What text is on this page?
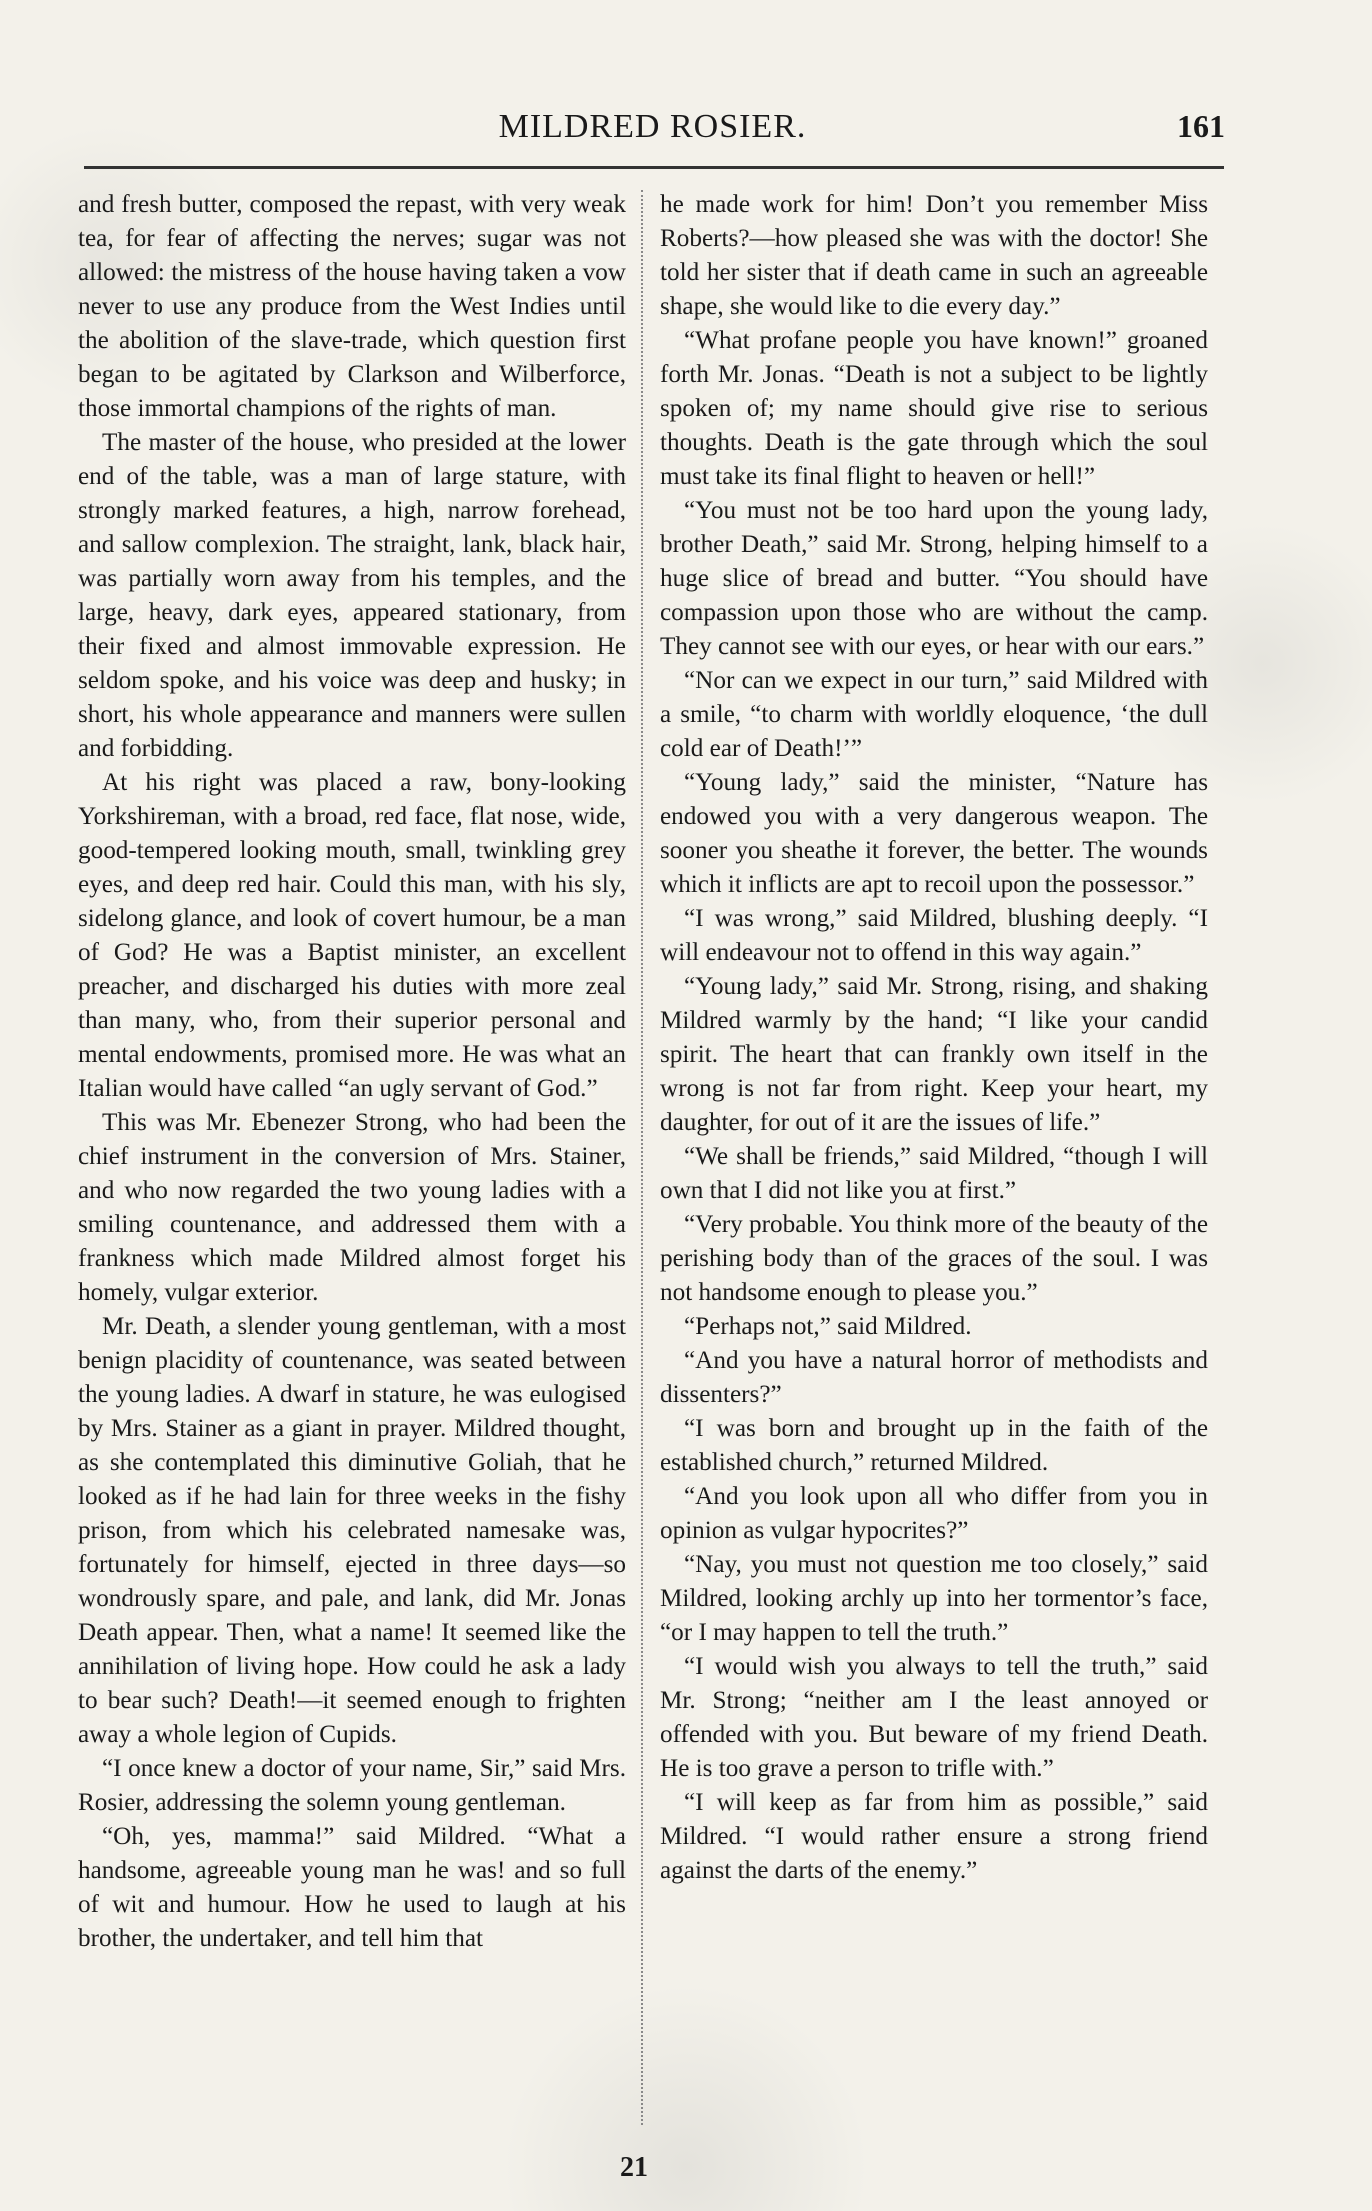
MILDRED ROSIER.	161

and fresh butter, composed the repast, with very weak tea, for fear of affecting the nerves; sugar was not allowed: the mistress of the house having taken a vow never to use any produce from the West Indies until the abolition of the slave-trade, which question first began to be agitated by Clarkson and Wilberforce, those immortal champions of the rights of man.

The master of the house, who presided at the lower end of the table, was a man of large stature, with strongly marked features, a high, narrow forehead, and sallow complexion. The straight, lank, black hair, was partially worn away from his temples, and the large, heavy, dark eyes, appeared stationary, from their fixed and almost immovable expression. He seldom spoke, and his voice was deep and husky; in short, his whole appearance and manners were sullen and forbidding.

At his right was placed a raw, bony-looking Yorkshireman, with a broad, red face, flat nose, wide, good-tempered looking mouth, small, twinkling grey eyes, and deep red hair. Could this man, with his sly, sidelong glance, and look of covert humour, be a man of God? He was a Baptist minister, an excellent preacher, and discharged his duties with more zeal than many, who, from their superior personal and mental endowments, promised more. He was what an Italian would have called “an ugly servant of God.”

This was Mr. Ebenezer Strong, who had been the chief instrument in the conversion of Mrs. Stainer, and who now regarded the two young ladies with a smiling countenance, and addressed them with a frankness which made Mildred almost forget his homely, vulgar exterior.

Mr. Death, a slender young gentleman, with a most benign placidity of countenance, was seated between the young ladies. A dwarf in stature, he was eulogised by Mrs. Stainer as a giant in prayer. Mildred thought, as she contemplated this diminutive Goliah, that he looked as if he had lain for three weeks in the fishy prison, from which his celebrated namesake was, fortunately for himself, ejected in three days—so wondrously spare, and pale, and lank, did Mr. Jonas Death appear. Then, what a name! It seemed like the annihilation of living hope. How could he ask a lady to bear such? Death!—it seemed enough to frighten away a whole legion of Cupids.

“I once knew a doctor of your name, Sir,” said Mrs. Rosier, addressing the solemn young gentleman.

“Oh, yes, mamma!” said Mildred. “What a handsome, agreeable young man he was! and so full of wit and humour. How he used to laugh at his brother, the undertaker, and tell him that

he made work for him! Don’t you remember Miss Roberts?—how pleased she was with the doctor! She told her sister that if death came in such an agreeable shape, she would like to die every day.”

“What profane people you have known!” groaned forth Mr. Jonas. “Death is not a subject to be lightly spoken of; my name should give rise to serious thoughts. Death is the gate through which the soul must take its final flight to heaven or hell!”

“You must not be too hard upon the young lady, brother Death,” said Mr. Strong, helping himself to a huge slice of bread and butter. “You should have compassion upon those who are without the camp. They cannot see with our eyes, or hear with our ears.”

“Nor can we expect in our turn,” said Mildred with a smile, “to charm with worldly eloquence, ‘the dull cold ear of Death!’”

“Young lady,” said the minister, “Nature has endowed you with a very dangerous weapon. The sooner you sheathe it forever, the better. The wounds which it inflicts are apt to recoil upon the possessor.”

“I was wrong,” said Mildred, blushing deeply. “I will endeavour not to offend in this way again.”

“Young lady,” said Mr. Strong, rising, and shaking Mildred warmly by the hand; “I like your candid spirit. The heart that can frankly own itself in the wrong is not far from right. Keep your heart, my daughter, for out of it are the issues of life.”

“We shall be friends,” said Mildred, “though I will own that I did not like you at first.”

“Very probable. You think more of the beauty of the perishing body than of the graces of the soul. I was not handsome enough to please you.”

“Perhaps not,” said Mildred.

“And you have a natural horror of methodists and dissenters?”

“I was born and brought up in the faith of the established church,” returned Mildred.

“And you look upon all who differ from you in opinion as vulgar hypocrites?”

“Nay, you must not question me too closely,” said Mildred, looking archly up into her tormentor’s face, “or I may happen to tell the truth.”

“I would wish you always to tell the truth,” said Mr. Strong; “neither am I the least annoyed or offended with you. But beware of my friend Death. He is too grave a person to trifle with.”

“I will keep as far from him as possible,” said Mildred. “I would rather ensure a strong friend against the darts of the enemy.”

21
